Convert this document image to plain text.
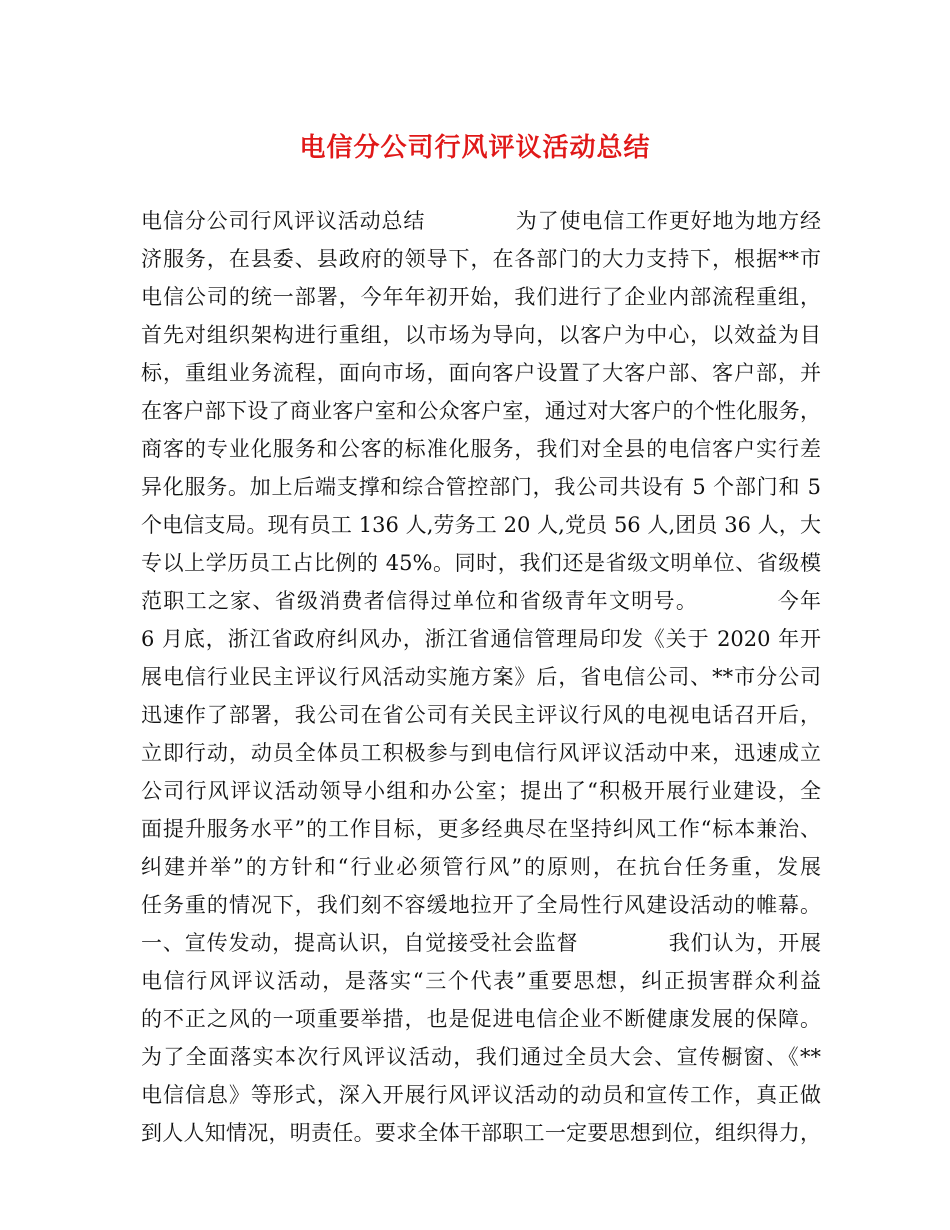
电信分公司行风评议活动总结
电信分公司行风评议活动总结            为了使电信工作更好地为地方经
济服务，在县委、县政府的领导下，在各部门的大力支持下，根据**市
电信公司的统一部署，今年年初开始，我们进行了企业内部流程重组，
首先对组织架构进行重组，以市场为导向，以客户为中心，以效益为目
标，重组业务流程，面向市场，面向客户设置了大客户部、客户部，并
在客户部下设了商业客户室和公众客户室，通过对大客户的个性化服务，
商客的专业化服务和公客的标准化服务，我们对全县的电信客户实行差
异化服务。加上后端支撑和综合管控部门，我公司共设有 5 个部门和 5
个电信支局。现有员工 136 人,劳务工 20 人,党员 56 人,团员 36 人，大
专以上学历员工占比例的 45%。同时，我们还是省级文明单位、省级模
范职工之家、省级消费者信得过单位和省级青年文明号。          今年
6 月底，浙江省政府纠风办，浙江省通信管理局印发《关于 2020 年开
展电信行业民主评议行风活动实施方案》后，省电信公司、**市分公司
迅速作了部署，我公司在省公司有关民主评议行风的电视电话召开后，
立即行动，动员全体员工积极参与到电信行风评议活动中来，迅速成立
公司行风评议活动领导小组和办公室；提出了“积极开展行业建设，全
面提升服务水平”的工作目标，更多经典尽在坚持纠风工作“标本兼治、
纠建并举”的方针和“行业必须管行风”的原则，在抗台任务重，发展
任务重的情况下，我们刻不容缓地拉开了全局性行风建设活动的帷幕。
一、宣传发动，提高认识，自觉接受社会监督            我们认为，开展
电信行风评议活动，是落实“三个代表”重要思想，纠正损害群众利益
的不正之风的一项重要举措，也是促进电信企业不断健康发展的保障。
为了全面落实本次行风评议活动，我们通过全员大会、宣传橱窗、《**
电信信息》等形式，深入开展行风评议活动的动员和宣传工作，真正做
到人人知情况，明责任。要求全体干部职工一定要思想到位，组织得力，
